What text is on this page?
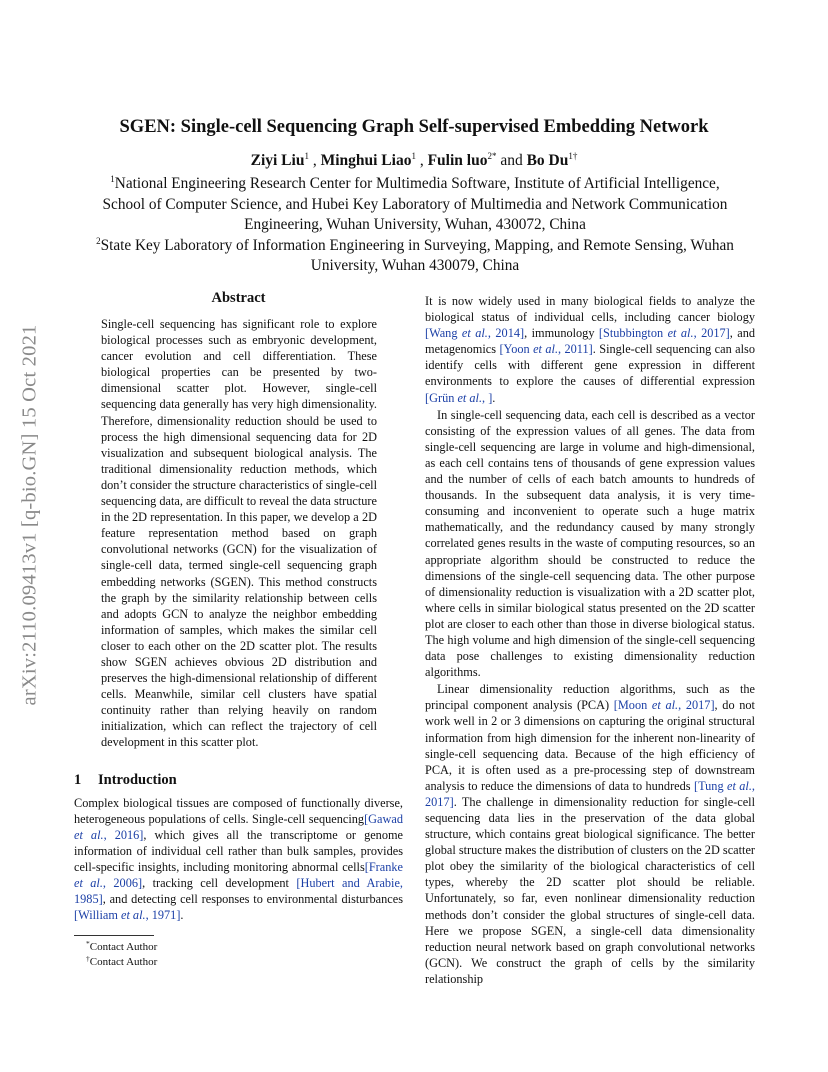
arXiv:2110.09413v1 [q-bio.GN] 15 Oct 2021
SGEN: Single-cell Sequencing Graph Self-supervised Embedding Network
Ziyi Liu$^1$ , Minghui Liao$^1$ , Fulin luo$^{2*}$ and Bo $Du^{1\dagger}$
$^1$National Engineering Research Center for Multimedia Software, Institute of Artificial Intelligence,
School of Computer Science, and Hubei Key Laboratory of Multimedia and Network Communication
Engineering, Wuhan University, Wuhan, 430072, China
$^2$State Key Laboratory of Information Engineering in Surveying, Mapping, and Remote Sensing, Wuhan
University, Wuhan 430079, China
Abstract
Single-cell sequencing has significant role to explore biological processes such as embryonic development, cancer evolution and cell differentiation. These biological properties can be presented by two-dimensional scatter plot. However, single-cell sequencing data generally has very high dimensionality. Therefore, dimensionality reduction should be used to process the high dimensional sequencing data for 2D visualization and subsequent biological analysis. The traditional dimensionality reduction methods, which don’t consider the structure characteristics of single-cell sequencing data, are difficult to reveal the data structure in the 2D representation. In this paper, we develop a 2D feature representation method based on graph convolutional networks (GCN) for the visualization of single-cell data, termed single-cell sequencing graph embedding networks (SGEN). This method constructs the graph by the similarity relationship between cells and adopts GCN to analyze the neighbor embedding information of samples, which makes the similar cell closer to each other on the 2D scatter plot. The results show SGEN achieves obvious 2D distribution and preserves the high-dimensional relationship of different cells. Meanwhile, similar cell clusters have spatial continuity rather than relying heavily on random initialization, which can reflect the trajectory of cell development in this scatter plot.
1 Introduction

Complex biological tissues are composed of functionally diverse, heterogeneous populations of cells. Single-cell sequencing[Gawad et al., 2016], which gives all the transcriptome or genome information of individual cell rather than bulk samples, provides cell-specific insights, including monitoring abnormal cells[Franke et al., 2006], tracking cell development [Hubert and Arabie, 1985], and detecting cell responses to environmental disturbances [William et al., 1971].

*Contact Author
†Contact Author

It is now widely used in many biological fields to analyze the biological status of individual cells, including cancer biology [Wang et al., 2014], immunology [Stubbington et al., 2017], and metagenomics [Yoon et al., 2011]. Single-cell sequencing can also identify cells with different gene expression in different environments to explore the causes of differential expression [Grün et al., ].

In single-cell sequencing data, each cell is described as a vector consisting of the expression values of all genes. The data from single-cell sequencing are large in volume and high-dimensional, as each cell contains tens of thousands of gene expression values and the number of cells of each batch amounts to hundreds of thousands. In the subsequent data analysis, it is very time-consuming and inconvenient to operate such a huge matrix mathematically, and the redundancy caused by many strongly correlated genes results in the waste of computing resources, so an appropriate algorithm should be constructed to reduce the dimensions of the single-cell sequencing data. The other purpose of dimensionality reduction is visualization with a 2D scatter plot, where cells in similar biological status presented on the 2D scatter plot are closer to each other than those in diverse biological status. The high volume and high dimension of the single-cell sequencing data pose challenges to existing dimensionality reduction algorithms.

Linear dimensionality reduction algorithms, such as the principal component analysis (PCA) [Moon et al., 2017], do not work well in 2 or 3 dimensions on capturing the original structural information from high dimension for the inherent non-linearity of single-cell sequencing data. Because of the high efficiency of PCA, it is often used as a pre-processing step of downstream analysis to reduce the dimensions of data to hundreds [Tung et al., 2017]. The challenge in dimensionality reduction for single-cell sequencing data lies in the preservation of the data global structure, which contains great biological significance. The better global structure makes the distribution of clusters on the 2D scatter plot obey the similarity of the biological characteristics of cell types, whereby the 2D scatter plot should be reliable. Unfortunately, so far, even nonlinear dimensionality reduction methods don’t consider the global structures of single-cell data. Here we propose SGEN, a single-cell data dimensionality reduction neural network based on graph convolutional networks (GCN). We construct the graph of cells by the similarity relationship
